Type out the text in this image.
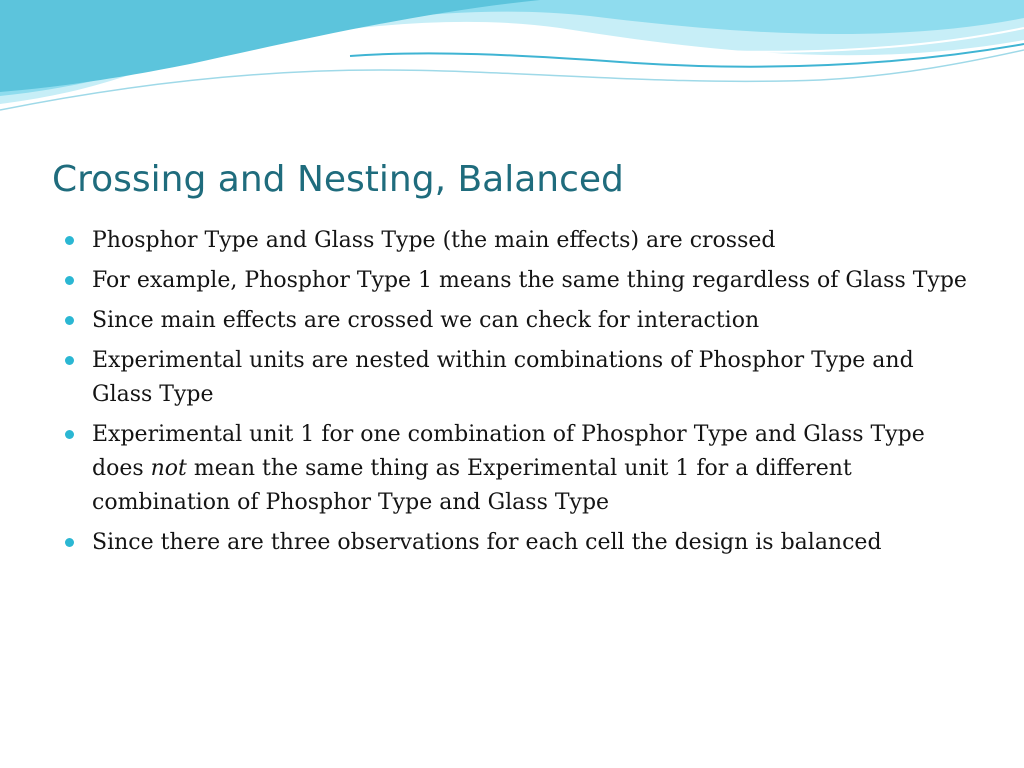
Crossing and Nesting, Balanced
Phosphor Type and Glass Type (the main effects) are crossed
For example, Phosphor Type 1 means the same thing regardless of Glass Type
Since main effects are crossed we can check for interaction
Experimental units are nested within combinations of Phosphor Type and Glass Type
Experimental unit 1 for one combination of Phosphor Type and Glass Type does not mean the same thing as Experimental unit 1 for a different combination of Phosphor Type and Glass Type
Since there are three observations for each cell the design is balanced
